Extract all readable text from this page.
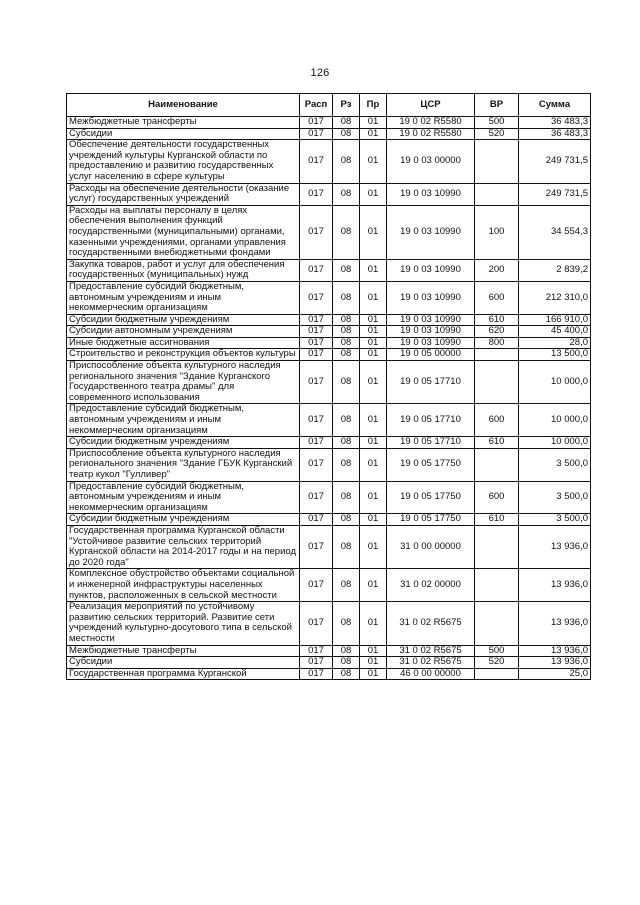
126
Наименование	Расп	Рз	Пр	ЦСР	ВР	Сумма
Межбюджетные трансферты	017	08	01	19 0 02 R5580	500	36 483,3
Субсидии	017	08	01	19 0 02 R5580	520	36 483,3
Обеспечение деятельности государственных учреждений культуры Курганской области по предоставлению и развитию государственных услуг населению в сфере культуры	017	08	01	19 0 03 00000		249 731,5
Расходы на обеспечение деятельности (оказание услуг) государственных учреждений	017	08	01	19 0 03 10990		249 731,5
Расходы на выплаты персоналу в целях обеспечения выполнения функций государственными (муниципальными) органами, казенными учреждениями, органами управления государственными внебюджетными фондами	017	08	01	19 0 03 10990	100	34 554,3
Закупка товаров, работ и услуг для обеспечения государственных (муниципальных) нужд	017	08	01	19 0 03 10990	200	2 839,2
Предоставление субсидий бюджетным, автономным учреждениям и иным некоммерческим организациям	017	08	01	19 0 03 10990	600	212 310,0
Субсидии бюджетным учреждениям	017	08	01	19 0 03 10990	610	166 910,0
Субсидии автономным учреждениям	017	08	01	19 0 03 10990	620	45 400,0
Иные бюджетные ассигнования	017	08	01	19 0 03 10990	800	28,0
Строительство и реконструкция объектов культуры	017	08	01	19 0 05 00000		13 500,0
Приспособление объекта культурного наследия регионального значения "Здание Курганского Государственного театра драмы" для современного использования	017	08	01	19 0 05 17710		10 000,0
Предоставление субсидий бюджетным, автономным учреждениям и иным некоммерческим организациям	017	08	01	19 0 05 17710	600	10 000,0
Субсидии бюджетным учреждениям	017	08	01	19 0 05 17710	610	10 000,0
Приспособление объекта культурного наследия регионального значения "Здание ГБУК Курганский театр кукол "Гулливер"	017	08	01	19 0 05 17750		3 500,0
Предоставление субсидий бюджетным, автономным учреждениям и иным некоммерческим организациям	017	08	01	19 0 05 17750	600	3 500,0
Субсидии бюджетным учреждениям	017	08	01	19 0 05 17750	610	3 500,0
Государственная программа Курганской области "Устойчивое развитие сельских территорий Курганской области на 2014-2017 годы и на период до 2020 года"	017	08	01	31 0 00 00000		13 936,0
Комплексное обустройство объектами социальной и инженерной инфраструктуры населенных пунктов, расположенных в сельской местности	017	08	01	31 0 02 00000		13 936,0
Реализация мероприятий по устойчивому развитию сельских территорий. Развитие сети учреждений культурно-досугового типа в сельской местности	017	08	01	31 0 02 R5675		13 936,0
Межбюджетные трансферты	017	08	01	31 0 02 R5675	500	13 936,0
Субсидии	017	08	01	31 0 02 R5675	520	13 936,0
Государственная программа Курганской	017	08	01	46 0 00 00000		25,0
